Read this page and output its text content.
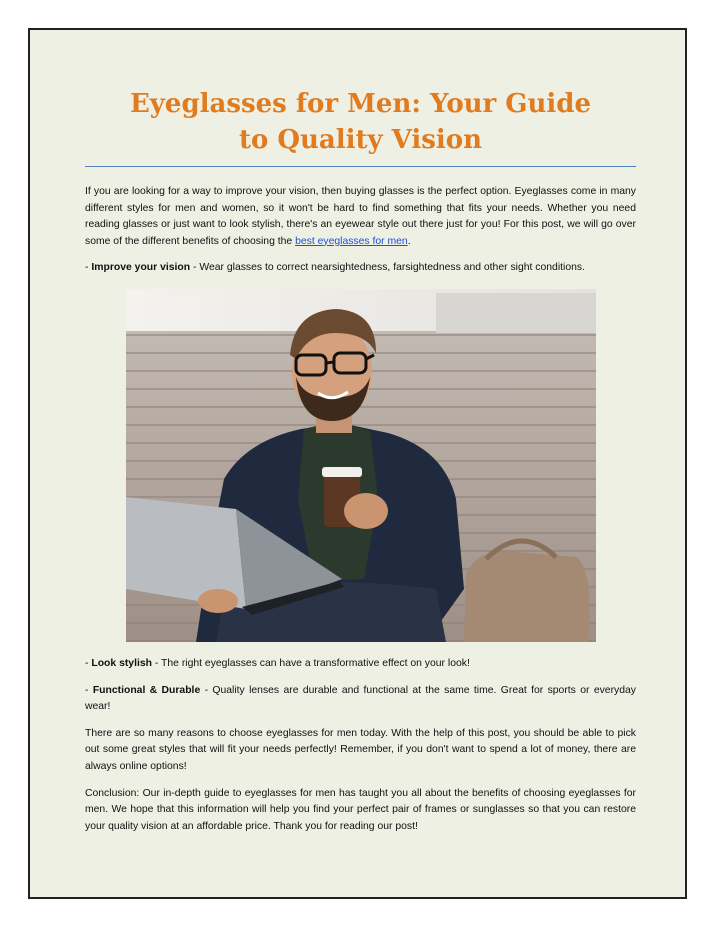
Eyeglasses for Men: Your Guide to Quality Vision

If you are looking for a way to improve your vision, then buying glasses is the perfect option. Eyeglasses come in many different styles for men and women, so it won't be hard to find something that fits your needs. Whether you need reading glasses or just want to look stylish, there's an eyewear style out there just for you! For this post, we will go over some of the different benefits of choosing the best eyeglasses for men.

- Improve your vision - Wear glasses to correct nearsightedness, farsightedness and other sight conditions.

- Look stylish - The right eyeglasses can have a transformative effect on your look!

- Functional & Durable - Quality lenses are durable and functional at the same time. Great for sports or everyday wear!

There are so many reasons to choose eyeglasses for men today. With the help of this post, you should be able to pick out some great styles that will fit your needs perfectly! Remember, if you don't want to spend a lot of money, there are always online options!

Conclusion: Our in-depth guide to eyeglasses for men has taught you all about the benefits of choosing eyeglasses for men. We hope that this information will help you find your perfect pair of frames or sunglasses so that you can restore your quality vision at an affordable price. Thank you for reading our post!
